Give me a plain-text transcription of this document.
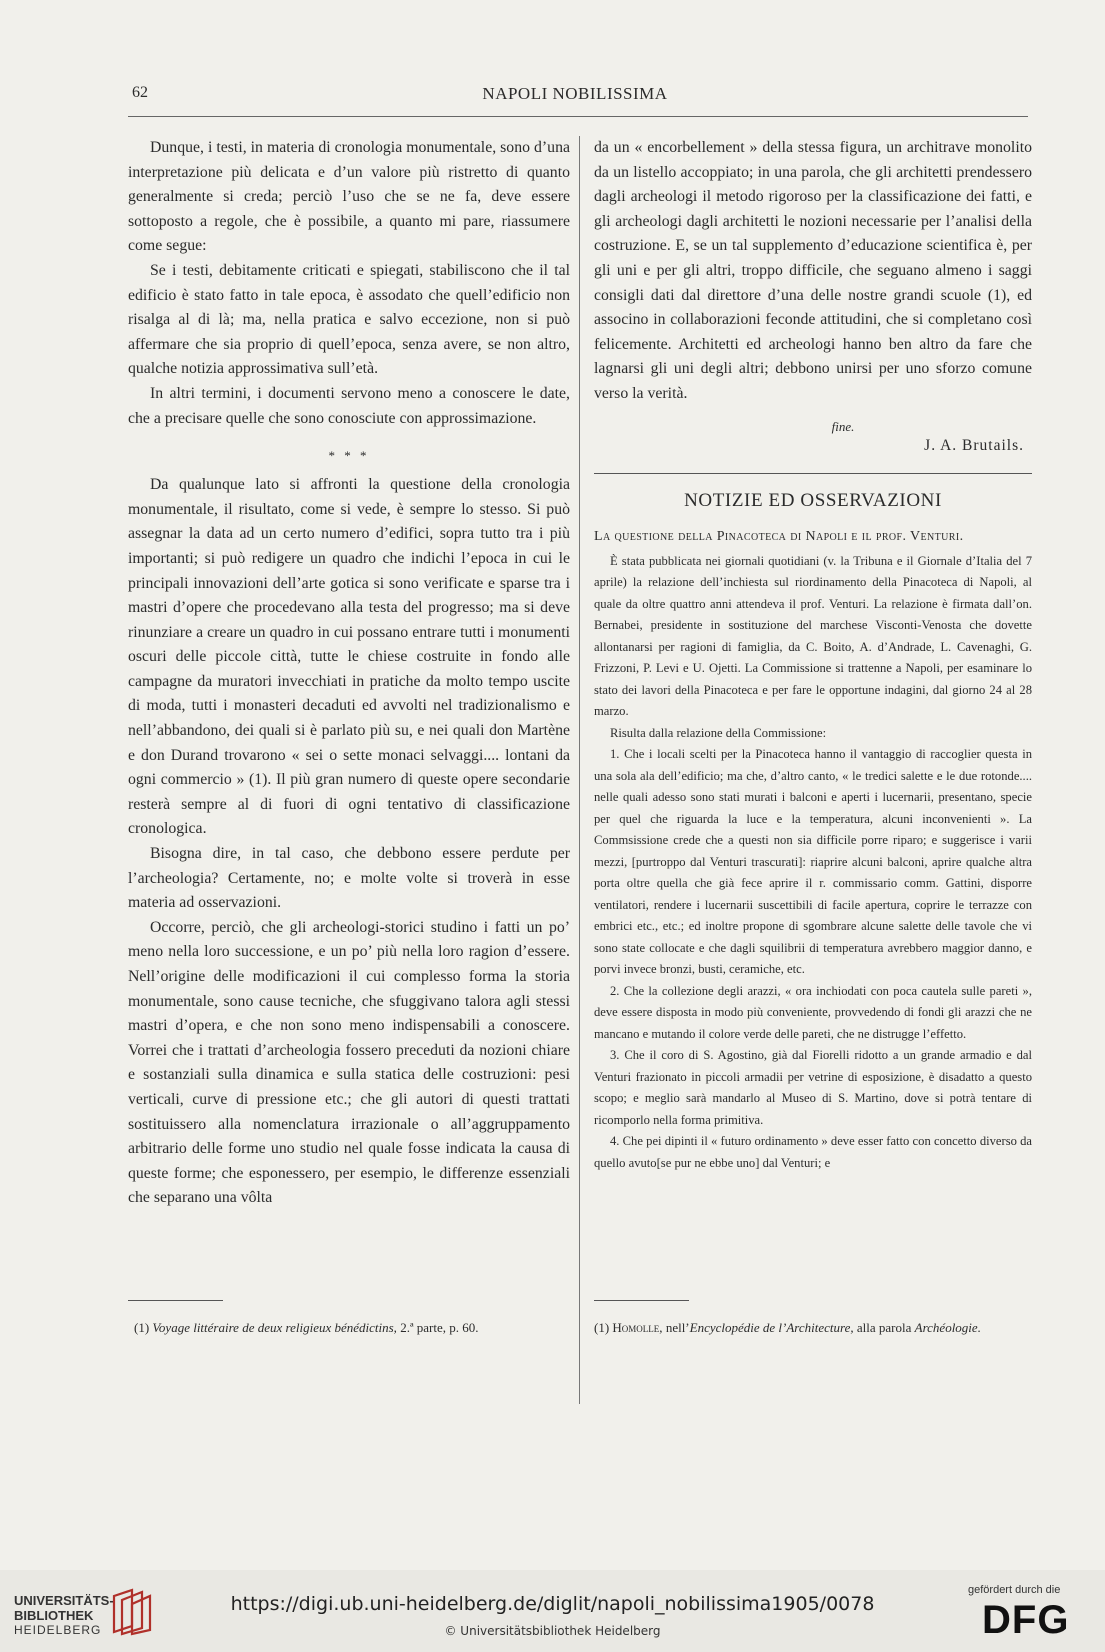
62	NAPOLI NOBILISSIMA

Dunque, i testi, in materia di cronologia monumentale, sono d’una interpretazione più delicata e d’un valore più ristretto di quanto generalmente si creda; perciò l’uso che se ne fa, deve essere sottoposto a regole, che è possibile, a quanto mi pare, riassumere come segue:

Se i testi, debitamente criticati e spiegati, stabiliscono che il tal edificio è stato fatto in tale epoca, è assodato che quell’edificio non risalga al di là; ma, nella pratica e salvo eccezione, non si può affermare che sia proprio di quell’epoca, senza avere, se non altro, qualche notizia approssimativa sull’età.

In altri termini, i documenti servono meno a conoscere le date, che a precisare quelle che sono conosciute con approssimazione.

* * *

Da qualunque lato si affronti la questione della cronologia monumentale, il risultato, come si vede, è sempre lo stesso. Si può assegnar la data ad un certo numero d’edifici, sopra tutto tra i più importanti; si può redigere un quadro che indichi l’epoca in cui le principali innovazioni dell’arte gotica si sono verificate e sparse tra i mastri d’opere che procedevano alla testa del progresso; ma si deve rinunziare a creare un quadro in cui possano entrare tutti i monumenti oscuri delle piccole città, tutte le chiese costruite in fondo alle campagne da muratori invecchiati in pratiche da molto tempo uscite di moda, tutti i monasteri decaduti ed avvolti nel tradizionalismo e nell’abbandono, dei quali si è parlato più su, e nei quali don Martène e don Durand trovarono « sei o sette monaci selvaggi.... lontani da ogni commercio » (1). Il più gran numero di queste opere secondarie resterà sempre al di fuori di ogni tentativo di classificazione cronologica.

Bisogna dire, in tal caso, che debbono essere perdute per l’archeologia? Certamente, no; e molte volte si troverà in esse materia ad osservazioni.

Occorre, perciò, che gli archeologi-storici studino i fatti un po’ meno nella loro successione, e un po’ più nella loro ragion d’essere. Nell’origine delle modificazioni il cui complesso forma la storia monumentale, sono cause tecniche, che sfuggivano talora agli stessi mastri d’opera, e che non sono meno indispensabili a conoscere. Vorrei che i trattati d’archeologia fossero preceduti da nozioni chiare e sostanziali sulla dinamica e sulla statica delle costruzioni: pesi verticali, curve di pressione etc.; che gli autori di questi trattati sostituissero alla nomenclatura irrazionale o all’aggruppamento arbitrario delle forme uno studio nel quale fosse indicata la causa di queste forme; che esponessero, per esempio, le differenze essenziali che separano una vôlta

(1) Voyage littéraire de deux religieux bénédictins, 2.ª parte, p. 60.

da un « encorbellement » della stessa figura, un architrave monolito da un listello accoppiato; in una parola, che gli architetti prendessero dagli archeologi il metodo rigoroso per la classificazione dei fatti, e gli archeologi dagli architetti le nozioni necessarie per l’analisi della costruzione. E, se un tal supplemento d’educazione scientifica è, per gli uni e per gli altri, troppo difficile, che seguano almeno i saggi consigli dati dal direttore d’una delle nostre grandi scuole (1), ed associno in collaborazioni feconde attitudini, che si completano così felicemente. Architetti ed archeologi hanno ben altro da fare che lagnarsi gli uni degli altri; debbono unirsi per uno sforzo comune verso la verità.

fine.
J. A. Brutails.
NOTIZIE ED OSSERVAZIONI

La questione della Pinacoteca di Napoli e il prof. Venturi.

È stata pubblicata nei giornali quotidiani (v. la Tribuna e il Giornale d’Italia del 7 aprile) la relazione dell’inchiesta sul riordinamento della Pinacoteca di Napoli, al quale da oltre quattro anni attendeva il prof. Venturi. La relazione è firmata dall’on. Bernabei, presidente in sostituzione del marchese Visconti-Venosta che dovette allontanarsi per ragioni di famiglia, da C. Boito, A. d’Andrade, L. Cavenaghi, G. Frizzoni, P. Levi e U. Ojetti. La Commissione si trattenne a Napoli, per esaminare lo stato dei lavori della Pinacoteca e per fare le opportune indagini, dal giorno 24 al 28 marzo.

Risulta dalla relazione della Commissione:

1. Che i locali scelti per la Pinacoteca hanno il vantaggio di raccoglier questa in una sola ala dell’edificio; ma che, d’altro canto, « le tredici salette e le due rotonde.... nelle quali adesso sono stati murati i balconi e aperti i lucernarii, presentano, specie per quel che riguarda la luce e la temperatura, alcuni inconvenienti ». La Commsissione crede che a questi non sia difficile porre riparo; e suggerisce i varii mezzi, [purtroppo dal Venturi trascurati]: riaprire alcuni balconi, aprire qualche altra porta oltre quella che già fece aprire il r. commissario comm. Gattini, disporre ventilatori, rendere i lucernarii suscettibili di facile apertura, coprire le terrazze con embrici etc., etc.; ed inoltre propone di sgombrare alcune salette delle tavole che vi sono state collocate e che dagli squilibrii di temperatura avrebbero maggior danno, e porvi invece bronzi, busti, ceramiche, etc.

2. Che la collezione degli arazzi, « ora inchiodati con poca cautela sulle pareti », deve essere disposta in modo più conveniente, provvedendo di fondi gli arazzi che ne mancano e mutando il colore verde delle pareti, che ne distrugge l’effetto.

3. Che il coro di S. Agostino, già dal Fiorelli ridotto a un grande armadio e dal Venturi frazionato in piccoli armadii per vetrine di esposizione, è disadatto a questo scopo; e meglio sarà mandarlo al Museo di S. Martino, dove si potrà tentare di ricomporlo nella forma primitiva.

4. Che pei dipinti il « futuro ordinamento » deve esser fatto con concetto diverso da quello avuto[se pur ne ebbe uno] dal Venturi; e

(1) Homolle, nell’Encyclopédie de l’Architecture, alla parola Archéologie.
UNIVERSITÄTS-
BIBLIOTHEK
HEIDELBERG
https://digi.ub.uni-heidelberg.de/diglit/napoli_nobilissima1905/0078
© Universitätsbibliothek Heidelberg
gefördert durch die
DFG
